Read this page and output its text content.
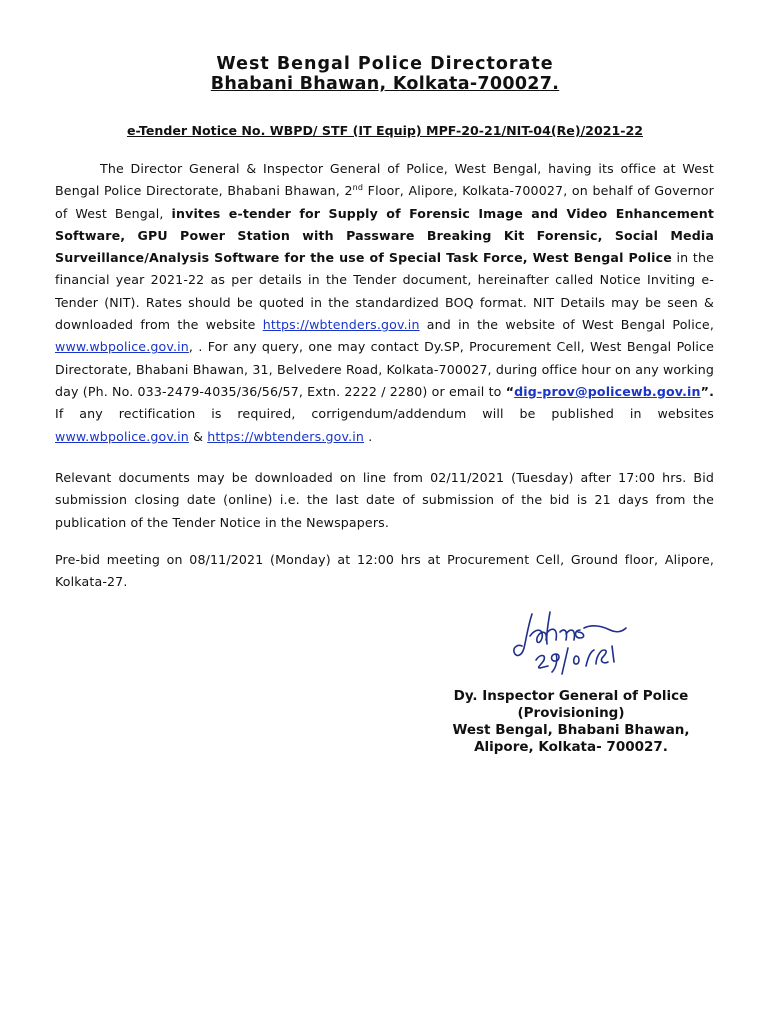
West Bengal Police Directorate
Bhabani Bhawan, Kolkata-700027.
e-Tender Notice No. WBPD/ STF (IT Equip) MPF-20-21/NIT-04(Re)/2021-22
The Director General & Inspector General of Police, West Bengal, having its office at West Bengal Police Directorate, Bhabani Bhawan, 2nd Floor, Alipore, Kolkata-700027, on behalf of Governor of West Bengal, invites e-tender for Supply of Forensic Image and Video Enhancement Software, GPU Power Station with Passware Breaking Kit Forensic, Social Media Surveillance/Analysis Software for the use of Special Task Force, West Bengal Police in the financial year 2021-22 as per details in the Tender document, hereinafter called Notice Inviting e-Tender (NIT). Rates should be quoted in the standardized BOQ format. NIT Details may be seen & downloaded from the website https://wbtenders.gov.in and in the website of West Bengal Police, www.wbpolice.gov.in, . For any query, one may contact Dy.SP, Procurement Cell, West Bengal Police Directorate, Bhabani Bhawan, 31, Belvedere Road, Kolkata-700027, during office hour on any working day (Ph. No. 033-2479-4035/36/56/57, Extn. 2222 / 2280) or email to “dig-prov@policewb.gov.in”. If any rectification is required, corrigendum/addendum will be published in websites www.wbpolice.gov.in & https://wbtenders.gov.in .
Relevant documents may be downloaded on line from 02/11/2021 (Tuesday) after 17:00 hrs. Bid submission closing date (online) i.e. the last date of submission of the bid is 21 days from the publication of the Tender Notice in the Newspapers.
Pre-bid meeting on 08/11/2021 (Monday) at 12:00 hrs at Procurement Cell, Ground floor, Alipore, Kolkata-27.
Dy. Inspector General of Police
(Provisioning)
West Bengal, Bhabani Bhawan,
Alipore, Kolkata- 700027.
